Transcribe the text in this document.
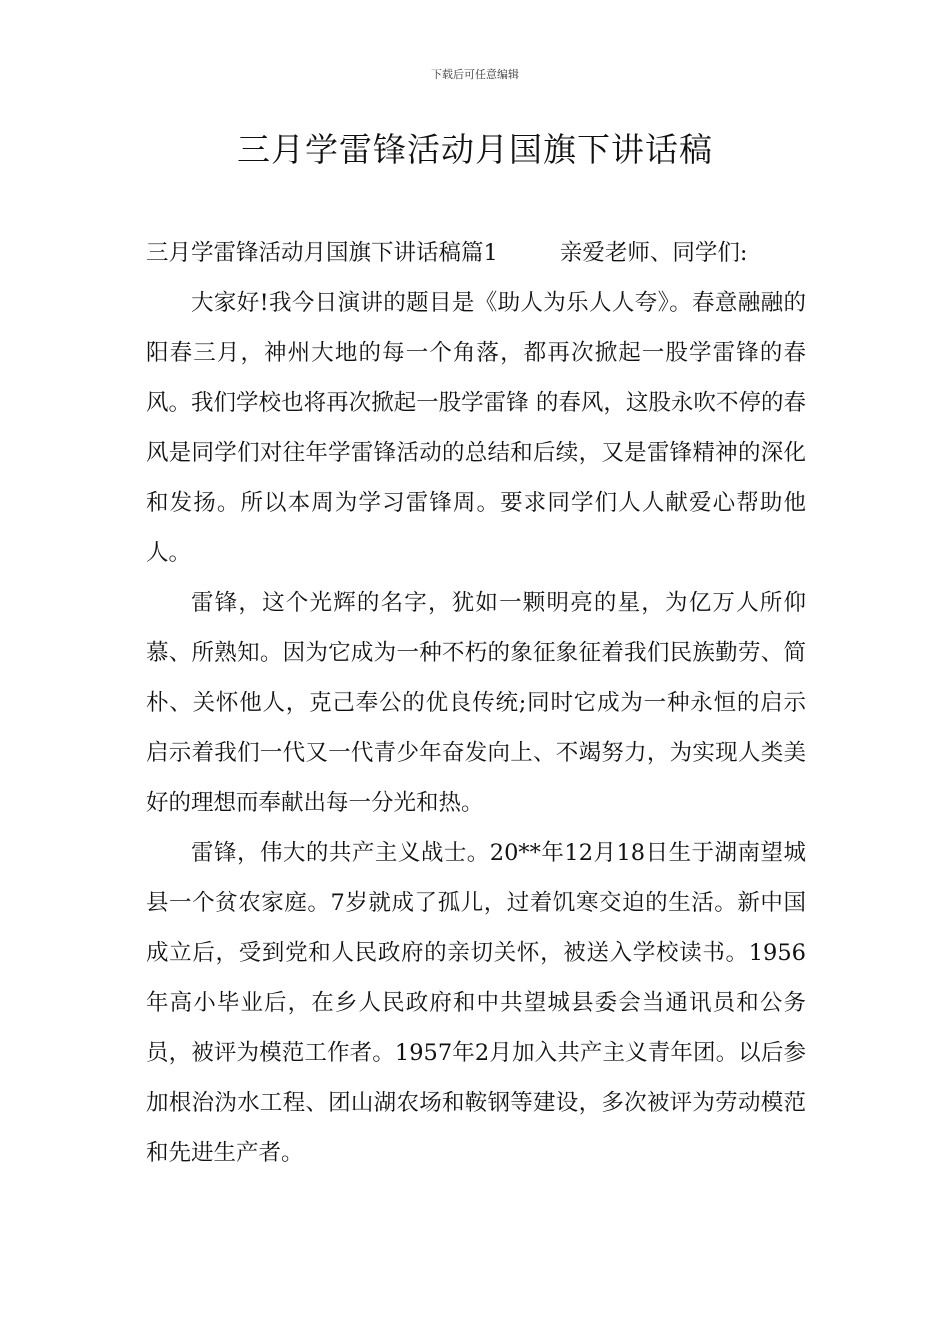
下载后可任意编辑
三月学雷锋活动月国旗下讲话稿

三月学雷锋活动月国旗下讲话稿篇1	亲爱老师、同学们:

大家好!我今日演讲的题目是《助人为乐人人夸》。春意融融的阳春三月，神州大地的每一个角落，都再次掀起一股学雷锋的春风。我们学校也将再次掀起一股学雷锋 的春风，这股永吹不停的春风是同学们对往年学雷锋活动的总结和后续，又是雷锋精神的深化和发扬。所以本周为学习雷锋周。要求同学们人人献爱心帮助他人。

雷锋，这个光辉的名字，犹如一颗明亮的星，为亿万人所仰慕、所熟知。因为它成为一种不朽的象征象征着我们民族勤劳、简朴、关怀他人，克己奉公的优良传统;同时它成为一种永恒的启示启示着我们一代又一代青少年奋发向上、不竭努力，为实现人类美好的理想而奉献出每一分光和热。

雷锋，伟大的共产主义战士。20**年12月18日生于湖南望城县一个贫农家庭。7岁就成了孤儿，过着饥寒交迫的生活。新中国成立后，受到党和人民政府的亲切关怀，被送入学校读书。1956年高小毕业后，在乡人民政府和中共望城县委会当通讯员和公务员，被评为模范工作者。1957年2月加入共产主义青年团。以后参加根治沩水工程、团山湖农场和鞍钢等建设，多次被评为劳动模范和先进生产者。
